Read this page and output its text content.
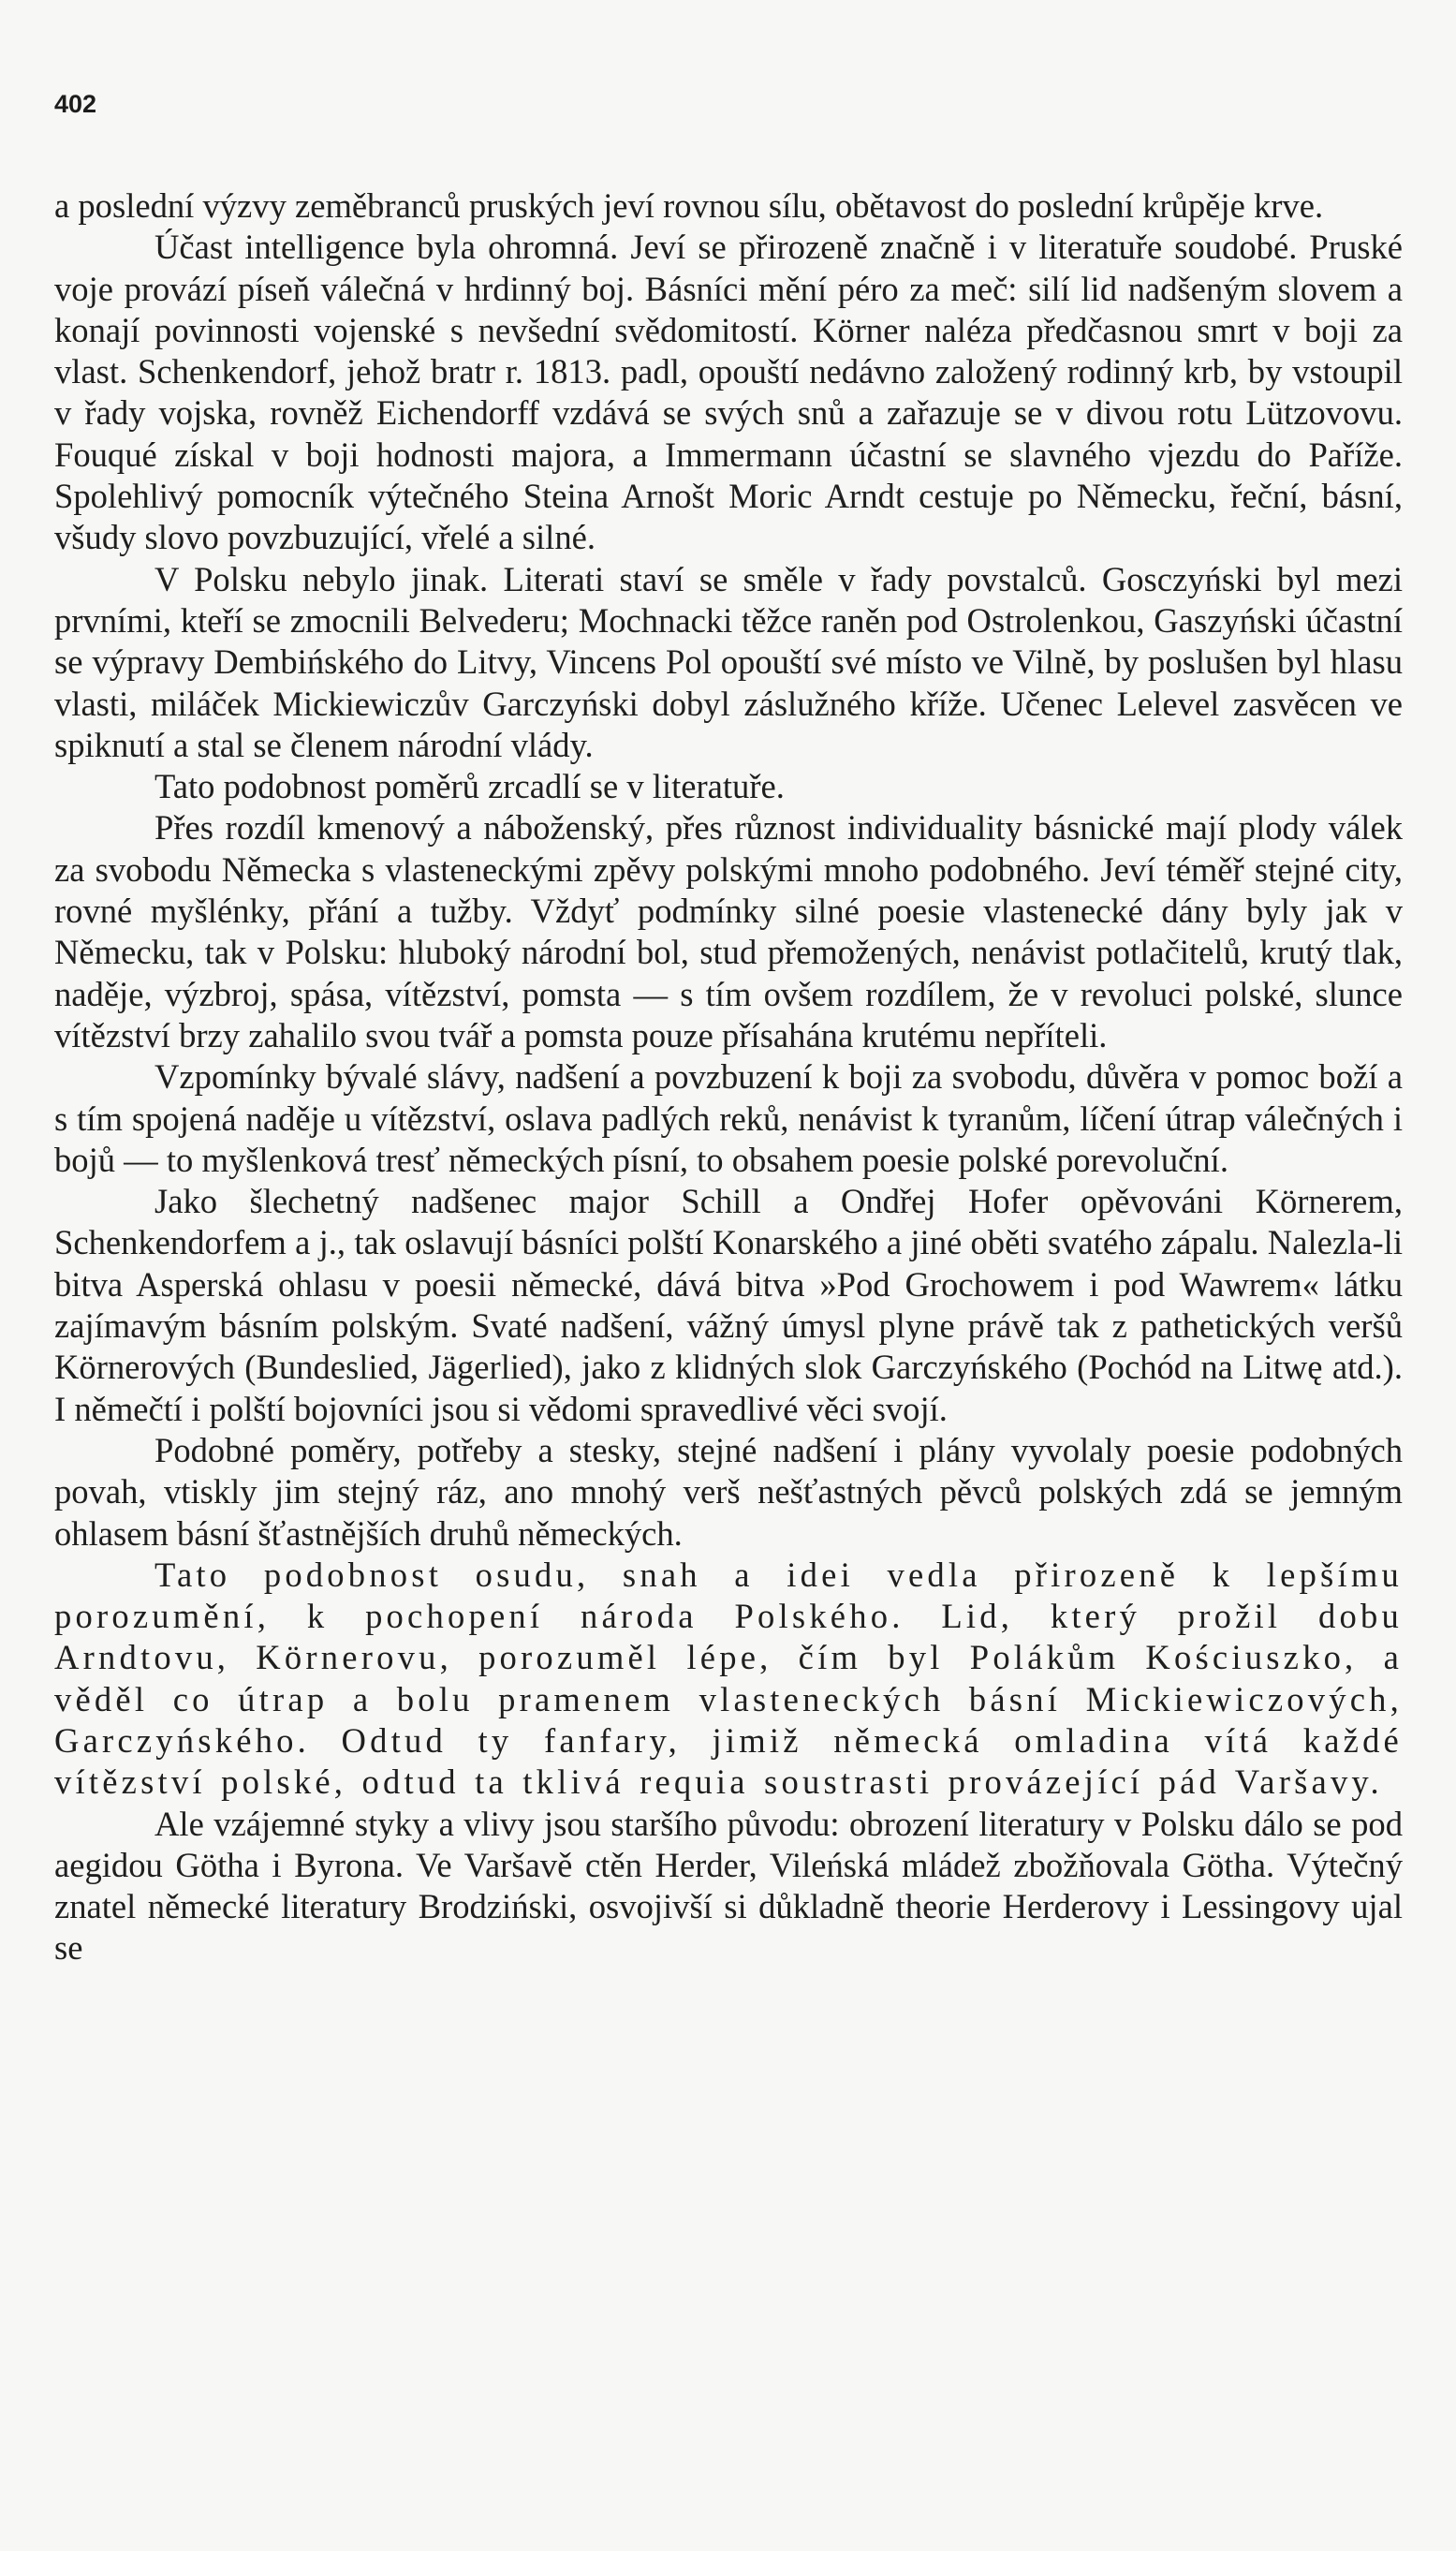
402

a poslední výzvy zeměbranců pruských jeví rovnou sílu, obětavost do poslední krůpěje krve.

Účast intelligence byla ohromná. Jeví se přirozeně značně i v literatuře soudobé. Pruské voje provází píseň válečná v hrdinný boj. Básníci mění péro za meč: silí lid nadšeným slovem a konají povinnosti vojenské s nevšední svědomitostí. Körner naléza předčasnou smrt v boji za vlast. Schenkendorf, jehož bratr r. 1813. padl, opouští nedávno založený rodinný krb, by vstoupil v řady vojska, rovněž Eichendorff vzdává se svých snů a zařazuje se v divou rotu Lützovovu. Fouqué získal v boji hodnosti majora, a Immermann účastní se slavného vjezdu do Paříže. Spolehlivý pomocník výtečného Steina Arnošt Moric Arndt cestuje po Německu, řeční, básní, všudy slovo povzbuzující, vřelé a silné.

V Polsku nebylo jinak. Literati staví se směle v řady povstalců. Gosczyński byl mezi prvními, kteří se zmocnili Belvederu; Mochnacki těžce raněn pod Ostrolenkou, Gaszyński účastní se výpravy Dembińského do Litvy, Vincens Pol opouští své místo ve Vilně, by poslušen byl hlasu vlasti, miláček Mickiewiczův Garczyński dobyl záslužného kříže. Učenec Lelevel zasvěcen ve spiknutí a stal se členem národní vlády.

Tato podobnost poměrů zrcadlí se v literatuře.

Přes rozdíl kmenový a náboženský, přes různost individuality básnické mají plody válek za svobodu Německa s vlasteneckými zpěvy polskými mnoho podobného. Jeví téměř stejné city, rovné myšlénky, přání a tužby. Vždyť podmínky silné poesie vlastenecké dány byly jak v Německu, tak v Polsku: hluboký národní bol, stud přemožených, nenávist potlačitelů, krutý tlak, naděje, výzbroj, spása, vítězství, pomsta — s tím ovšem rozdílem, že v revoluci polské, slunce vítězství brzy zahalilo svou tvář a pomsta pouze přísahána krutému nepříteli.

Vzpomínky bývalé slávy, nadšení a povzbuzení k boji za svobodu, důvěra v pomoc boží a s tím spojená naděje u vítězství, oslava padlých reků, nenávist k tyranům, líčení útrap válečných i bojů — to myšlenková tresť německých písní, to obsahem poesie polské porevoluční.

Jako šlechetný nadšenec major Schill a Ondřej Hofer opěvováni Körnerem, Schenkendorfem a j., tak oslavují básníci polští Konarského a jiné oběti svatého zápalu. Nalezla-li bitva Asperská ohlasu v poesii německé, dává bitva »Pod Grochowem i pod Wawrem« látku zajímavým básním polským. Svaté nadšení, vážný úmysl plyne právě tak z pathetických veršů Körnerových (Bundeslied, Jägerlied), jako z klidných slok Garczyńského (Pochód na Litwę atd.). I němečtí i polští bojovníci jsou si vědomi spravedlivé věci svojí.

Podobné poměry, potřeby a stesky, stejné nadšení i plány vyvolaly poesie podobných povah, vtiskly jim stejný ráz, ano mnohý verš nešťastných pěvců polských zdá se jemným ohlasem básní šťastnějších druhů německých.

Tato podobnost osudu, snah a idei vedla přirozeně k lepšímu porozumění, k pochopení národa Polského. Lid, který prožil dobu Arndtovu, Körnerovu, porozuměl lépe, čím byl Polákům Kościuszko, a věděl co útrap a bolu pramenem vlasteneckých básní Mickiewiczových, Garczyńského. Odtud ty fanfary, jimiž německá omladina vítá každé vítězství polské, odtud ta tklivá requia soustrasti provázející pád Varšavy.

Ale vzájemné styky a vlivy jsou staršího původu: obrození literatury v Polsku dálo se pod aegidou Götha i Byrona. Ve Varšavě ctěn Herder, Vileńská mládež zbožňovala Götha. Výtečný znatel německé literatury Brodziński, osvojivší si důkladně theorie Herderovy i Lessingovy ujal se
